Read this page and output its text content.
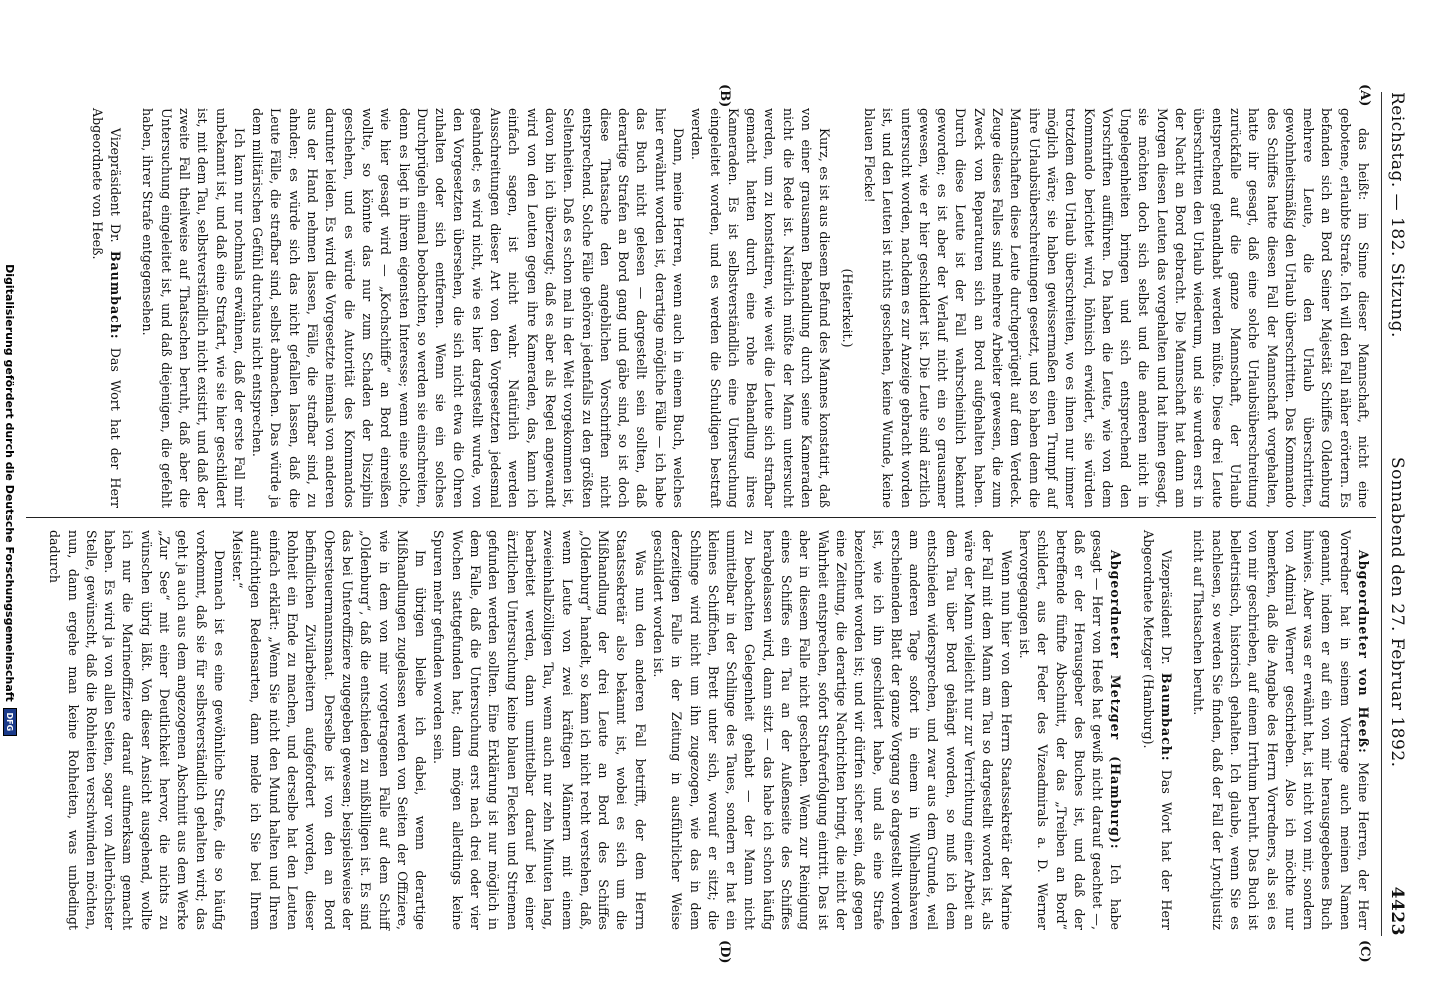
Reichstag. — 182. Sitzung.
Sonnabend den 27. Februar 1892.
4423
(A)
(B)
(C)
(D)

das heißt: im Sinne dieser Mannschaft, nicht eine gebotene, erlaubte Strafe. Ich will den Fall näher erörtern. Es befanden sich an Bord Seiner Majestät Schiffes Oldenburg mehrere Leute, die den Urlaub überschritten, gewohnheitsmäßig den Urlaub überschritten. Das Kommando des Schiffes hatte diesen Fall der Mannschaft vorgehalten, hatte ihr gesagt, daß eine solche Urlaubsüberschreitung zurückfalle auf die ganze Mannschaft, der Urlaub entsprechend gehandhabt werden müßte. Diese drei Leute überschritten den Urlaub wiederum, und sie wurden erst in der Nacht an Bord gebracht. Die Mannschaft hat dann am Morgen diesen Leuten das vorgehalten und hat ihnen gesagt, sie möchten doch sich selbst und die anderen nicht in Ungelegenheiten bringen und sich entsprechend den Vorschriften aufführen. Da haben die Leute, wie von dem Kommando berichtet wird, höhnisch erwidert, sie würden trotzdem den Urlaub überschreiten, wo es ihnen nur immer möglich wäre; sie haben gewissermaßen einen Trumpf auf ihre Urlaubsüberschreitungen gesetzt, und so haben denn die Mannschaften diese Leute durchgeprügelt auf dem Verdeck. Zeuge dieses Falles sind mehrere Arbeiter gewesen, die zum Zweck von Reparaturen sich an Bord aufgehalten haben. Durch diese Leute ist der Fall wahrscheinlich bekannt geworden; es ist aber der Verlauf nicht ein so grausamer gewesen, wie er hier geschildert ist. Die Leute sind ärztlich untersucht worden, nachdem es zur Anzeige gebracht worden ist, und den Leuten ist nichts geschehen, keine Wunde, keine blauen Flecke!

(Heiterkeit.)

Kurz, es ist aus diesem Befund des Mannes konstatirt, daß von einer grausamen Behandlung durch seine Kameraden nicht die Rede ist. Natürlich müßte der Mann untersucht werden, um zu konstatiren, wie weit die Leute sich strafbar gemacht hatten durch eine rohe Behandlung ihres Kameraden. Es ist selbstverständlich eine Untersuchung eingeleitet worden, und es werden die Schuldigen bestraft werden.

Dann, meine Herren, wenn auch in einem Buch, welches hier erwähnt worden ist, derartige mögliche Fälle — ich habe das Buch nicht gelesen — dargestellt sein sollten, daß derartige Strafen an Bord gang und gäbe sind, so ist doch diese Thatsache den angeblichen Vorschriften nicht entsprechend. Solche Fälle gehören jedenfalls zu den größten Seltenheiten. Daß es schon mal in der Welt vorgekommen ist, davon bin ich überzeugt; daß es aber als Regel angewandt wird von den Leuten gegen ihre Kameraden, das, kann ich einfach sagen, ist nicht wahr. Natürlich werden Ausschreitungen dieser Art von den Vorgesetzten jedesmal geahndet; es wird nicht, wie es hier dargestellt wurde, von den Vorgesetzten übersehen, die sich nicht etwa die Ohren zuhalten oder sich entfernen. Wenn sie ein solches Durchprügeln einmal beobachten, so werden sie einschreiten, denn es liegt in ihrem eigensten Interesse; wenn eine solche, wie hier gesagt wird — „Kochschiffe“ an Bord einreißen wollte, so könnte das nur zum Schaden der Disziplin geschehen, und es würde die Autorität des Kommandos darunter leiden. Es wird die Vorgesetzte niemals von anderen aus der Hand nehmen lassen, Fälle, die strafbar sind, zu ahnden; es würde sich das nicht gefallen lassen, daß die Leute Fälle, die strafbar sind, selbst abmachen. Das würde ja dem militärischen Gefühl durchaus nicht entsprechen.

Ich kann nur nochmals erwähnen, daß der erste Fall mir unbekannt ist, und daß eine Strafart, wie sie hier geschildert ist, mit dem Tau, selbstverständlich nicht existirt, und daß der zweite Fall theilweise auf Thatsachen beruht, daß aber die Untersuchung eingeleitet ist, und daß diejenigen, die gefehlt haben, ihrer Strafe entgegensehen.

Vizepräsident Dr. Baumbach: Das Wort hat der Herr Abgeordnete von Heeß.

Abgeordneter von Heeß: Meine Herren, der Herr Vorredner hat in seinem Vortrage auch meinen Namen genannt, indem er auf ein von mir herausgegebenes Buch hinwies. Aber was er erwähnt hat, ist nicht von mir, sondern von Admiral Werner geschrieben. Also ich möchte nur bemerken, daß die Angabe des Herrn Vorredners, als sei es von mir geschrieben, auf einem Irrthum beruht. Das Buch ist belletristisch, historisch gehalten. Ich glaube, wenn Sie es nachlesen, so werden Sie finden, daß der Fall der Lynchjustiz nicht auf Thatsachen beruht.

Vizepräsident Dr. Baumbach: Das Wort hat der Herr Abgeordnete Metzger (Hamburg).

Abgeordneter Metzger (Hamburg): Ich habe gesagt — Herr von Heeß hat gewiß nicht darauf geachtet —, daß er der Herausgeber des Buches ist, und daß der betreffende fünfte Abschnitt, der das „Treiben an Bord“ schildert, aus der Feder des Vizeadmirals a. D. Werner hervorgegangen ist.

Wenn nun hier von dem Herrn Staatssekretär der Marine der Fall mit dem Mann am Tau so dargestellt worden ist, als wäre der Mann vielleicht nur zur Verrichtung einer Arbeit an dem Tau über Bord gehängt worden, so muß ich dem entschieden widersprechen, und zwar aus dem Grunde, weil am anderen Tage sofort in einem in Wilhelmshaven erscheinenden Blatt der ganze Vorgang so dargestellt worden ist, wie ich ihn geschildert habe, und als eine Strafe bezeichnet worden ist; und wir dürfen sicher sein, daß gegen eine Zeitung, die derartige Nachrichten bringt, die nicht der Wahrheit entsprechen, sofort Strafverfolgung eintritt. Das ist aber in diesem Falle nicht geschehen. Wenn zur Reinigung eines Schiffes ein Tau an der Außenseite des Schiffes herabgelassen wird, dann sitzt — das habe ich schon häufig zu beobachten Gelegenheit gehabt — der Mann nicht unmittelbar in der Schlinge des Taues, sondern er hat ein kleines Schiffchen, Brett unter sich, worauf er sitzt; die Schlinge wird nicht um ihn zugezogen, wie das in dem derzeitigen Falle in der Zeitung in ausführlicher Weise geschildert worden ist.

Was nun den anderen Fall betrifft, der dem Herrn Staatssekretär also bekannt ist, wobei es sich um die Mißhandlung der drei Leute an Bord des Schiffes „Oldenburg“ handelt, so kann ich nicht recht verstehen, daß, wenn Leute von zwei kräftigen Männern mit einem zweieinhalbzölligen Tau, wenn auch nur zehn Minuten lang, bearbeitet werden, dann unmittelbar darauf bei einer ärztlichen Untersuchung keine blauen Flecken und Striemen gefunden werden sollten. Eine Erklärung ist nur möglich in dem Falle, daß die Untersuchung erst nach drei oder vier Wochen stattgefunden hat; dann mögen allerdings keine Spuren mehr gefunden worden sein.

Im übrigen bleibe ich dabei, wenn derartige Mißhandlungen zugelassen werden von Seiten der Offiziere, wie in dem von mir vorgetragenen Falle auf dem Schiff „Oldenburg“, daß die entschieden zu mißbilligen ist. Es sind das bei Unteroffiziere zugegeben gewesen; beispielsweise der Obersteuermannsmaat. Derselbe ist von den an Bord befindlichen Zivilarbeitern aufgefordert worden, dieser Rohheit ein Ende zu machen, und derselbe hat den Leuten einfach erklärt: „Wenn Sie nicht den Mund halten und Ihren aufrichtigen Redensarten, dann melde ich Sie bei Ihrem Meister.“

Demnach ist es eine gewöhnliche Strafe, die so häufig vorkommt, daß sie für selbstverständlich gehalten wird; das geht ja auch aus dem angezogenen Abschnitt aus dem Werke „Zur See“ mit einer Deutlichkeit hervor, die nichts zu wünschen übrig läßt. Von dieser Ansicht ausgehend, wollte ich nur die Marineoffiziere darauf aufmerksam gemacht haben. Es wird ja von allen Seiten, sogar von Allerhöchster Stelle, gewünscht, daß die Rohheiten verschwinden möchten, nun, dann ergehe man keine Rohheiten, was unbedingt dadurch

Digitalisierung gefördert durch die Deutsche Forschungsgemeinschaft
DFG
